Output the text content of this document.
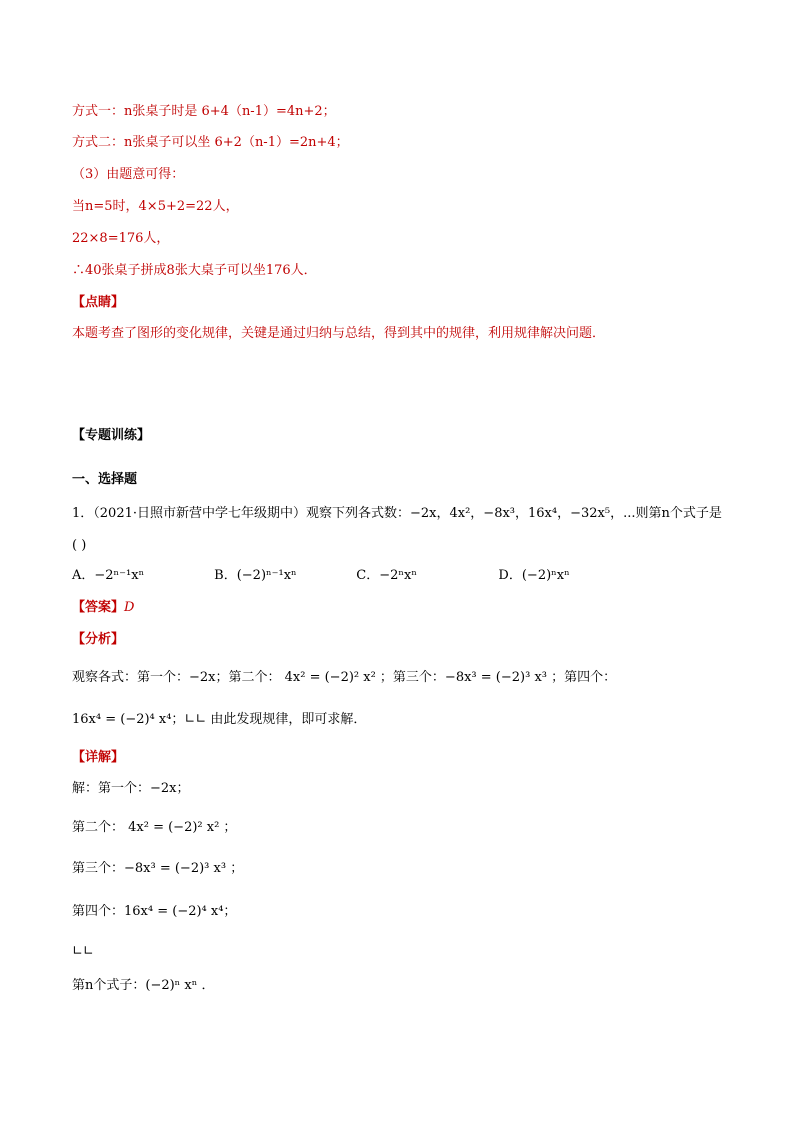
方式一：n张桌子时是 6+4（n-1）=4n+2；

方式二：n张桌子可以坐 6+2（n-1）=2n+4；

（3）由题意可得：

当n=5时，4×5+2=22人，

22×8=176人，

∴40张桌子拼成8张大桌子可以坐176人．

【点睛】

本题考查了图形的变化规律，关键是通过归纳与总结，得到其中的规律，利用规律解决问题．

【专题训练】

一、选择题

1．（2021·日照市新营中学七年级期中）观察下列各式数：−2x，4x²，−8x³，16x⁴，−32x⁵，...则第n个式子是

( )

A．−2ⁿ⁻¹xⁿ	B．(−2)ⁿ⁻¹xⁿ	C．−2ⁿxⁿ	D．(−2)ⁿxⁿ

【答案】D

【分析】

观察各式：第一个：−2x；第二个： 4x² = (−2)² x² ；第三个：−8x³ = (−2)³ x³ ；第四个：

16x⁴ = (−2)⁴ x⁴；∟∟ 由此发现规律，即可求解．

【详解】

解：第一个：−2x；

第二个： 4x² = (−2)² x² ；

第三个：−8x³ = (−2)³ x³ ；

第四个：16x⁴ = (−2)⁴ x⁴；

∟∟

第n个式子：(−2)ⁿ xⁿ ．
